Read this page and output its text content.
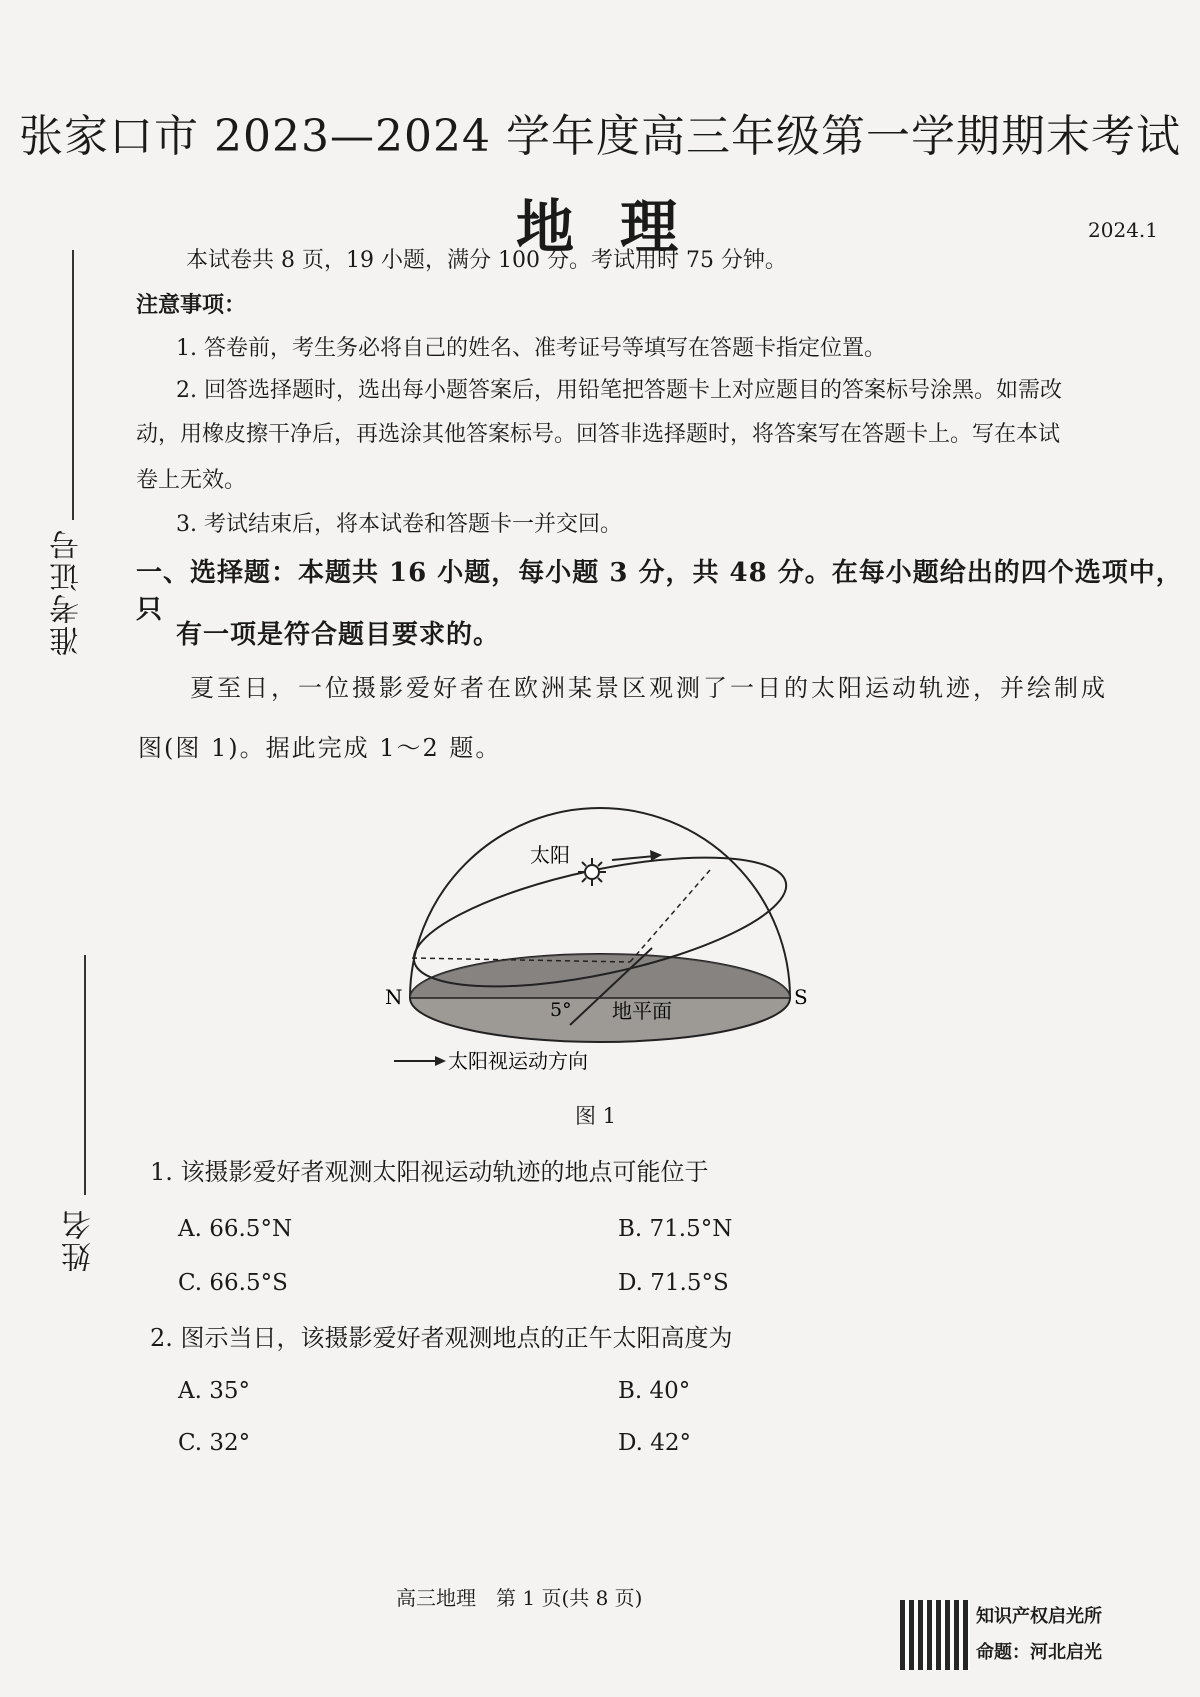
张家口市 2023—2024 学年度高三年级第一学期期末考试
地理	2024.1
准考证号
姓名
本试卷共 8 页，19 小题，满分 100 分。考试用时 75 分钟。
注意事项：
1. 答卷前，考生务必将自己的姓名、准考证号等填写在答题卡指定位置。
2. 回答选择题时，选出每小题答案后，用铅笔把答题卡上对应题目的答案标号涂黑。如需改
动，用橡皮擦干净后，再选涂其他答案标号。回答非选择题时，将答案写在答题卡上。写在本试
卷上无效。
3. 考试结束后，将本试卷和答题卡一并交回。
一、选择题：本题共 16 小题，每小题 3 分，共 48 分。在每小题给出的四个选项中，只
有一项是符合题目要求的。
夏至日，一位摄影爱好者在欧洲某景区观测了一日的太阳运动轨迹，并绘制成
图(图 1)。据此完成 1～2 题。
太阳
N	S
5° 地平面
太阳视运动方向
图 1
1. 该摄影爱好者观测太阳视运动轨迹的地点可能位于
A. 66.5°N	B. 71.5°N
C. 66.5°S	D. 71.5°S
2. 图示当日，该摄影爱好者观测地点的正午太阳高度为
A. 35°	B. 40°
C. 32°	D. 42°
高三地理　第 1 页(共 8 页)
知识产权启光所
命题：河北启光
